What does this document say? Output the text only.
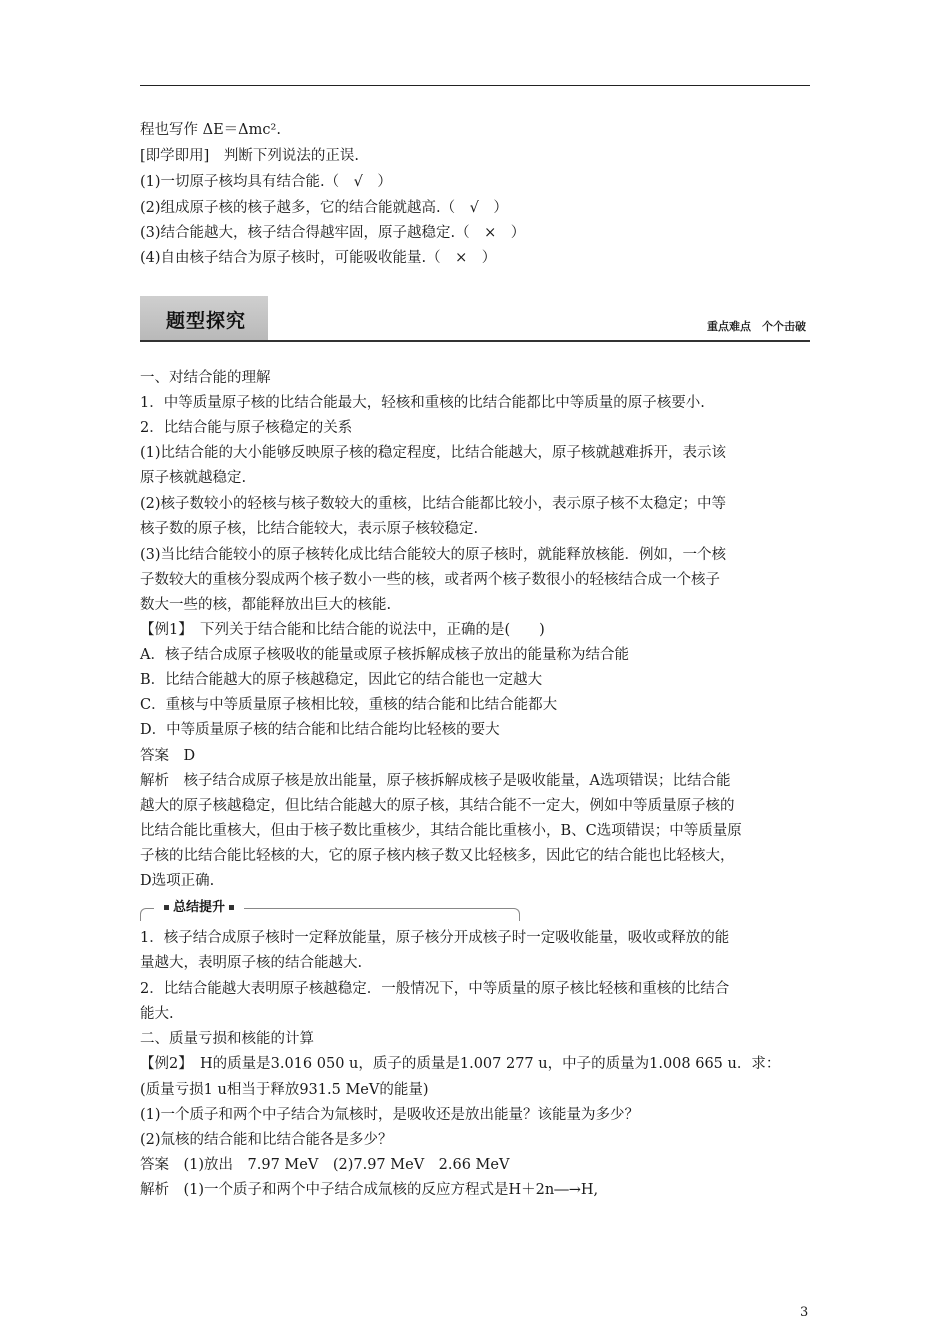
程也写作 ΔE＝Δmc².
[即学即用]　判断下列说法的正误.
(1)一切原子核均具有结合能.（　√　）
(2)组成原子核的核子越多，它的结合能就越高.（　√　）
(3)结合能越大，核子结合得越牢固，原子越稳定.（　×　）
(4)自由核子结合为原子核时，可能吸收能量.（　×　）
题型探究	重点难点　个个击破
一、对结合能的理解
1．中等质量原子核的比结合能最大，轻核和重核的比结合能都比中等质量的原子核要小.
2．比结合能与原子核稳定的关系
(1)比结合能的大小能够反映原子核的稳定程度，比结合能越大，原子核就越难拆开，表示该
原子核就越稳定.
(2)核子数较小的轻核与核子数较大的重核，比结合能都比较小，表示原子核不太稳定；中等
核子数的原子核，比结合能较大，表示原子核较稳定.
(3)当比结合能较小的原子核转化成比结合能较大的原子核时，就能释放核能．例如，一个核
子数较大的重核分裂成两个核子数小一些的核，或者两个核子数很小的轻核结合成一个核子
数大一些的核，都能释放出巨大的核能.
【例1】　下列关于结合能和比结合能的说法中，正确的是(　　)
A．核子结合成原子核吸收的能量或原子核拆解成核子放出的能量称为结合能
B．比结合能越大的原子核越稳定，因此它的结合能也一定越大
C．重核与中等质量原子核相比较，重核的结合能和比结合能都大
D．中等质量原子核的结合能和比结合能均比轻核的要大
答案　D
解析　核子结合成原子核是放出能量，原子核拆解成核子是吸收能量，A选项错误；比结合能
越大的原子核越稳定，但比结合能越大的原子核，其结合能不一定大，例如中等质量原子核的
比结合能比重核大，但由于核子数比重核少，其结合能比重核小，B、C选项错误；中等质量原
子核的比结合能比轻核的大，它的原子核内核子数又比轻核多，因此它的结合能也比轻核大，
D选项正确.
总结提升
1．核子结合成原子核时一定释放能量，原子核分开成核子时一定吸收能量，吸收或释放的能
量越大，表明原子核的结合能越大.
2．比结合能越大表明原子核越稳定．一般情况下，中等质量的原子核比轻核和重核的比结合
能大.
二、质量亏损和核能的计算
【例2】　H的质量是3.016 050 u，质子的质量是1.007 277 u，中子的质量为1.008 665 u．求：
(质量亏损1 u相当于释放931.5 MeV的能量)
(1)一个质子和两个中子结合为氚核时，是吸收还是放出能量？该能量为多少？
(2)氚核的结合能和比结合能各是多少？
答案　(1)放出　7.97 MeV　(2)7.97 MeV　2.66 MeV
解析　(1)一个质子和两个中子结合成氚核的反应方程式是H＋2n―→H,
3
